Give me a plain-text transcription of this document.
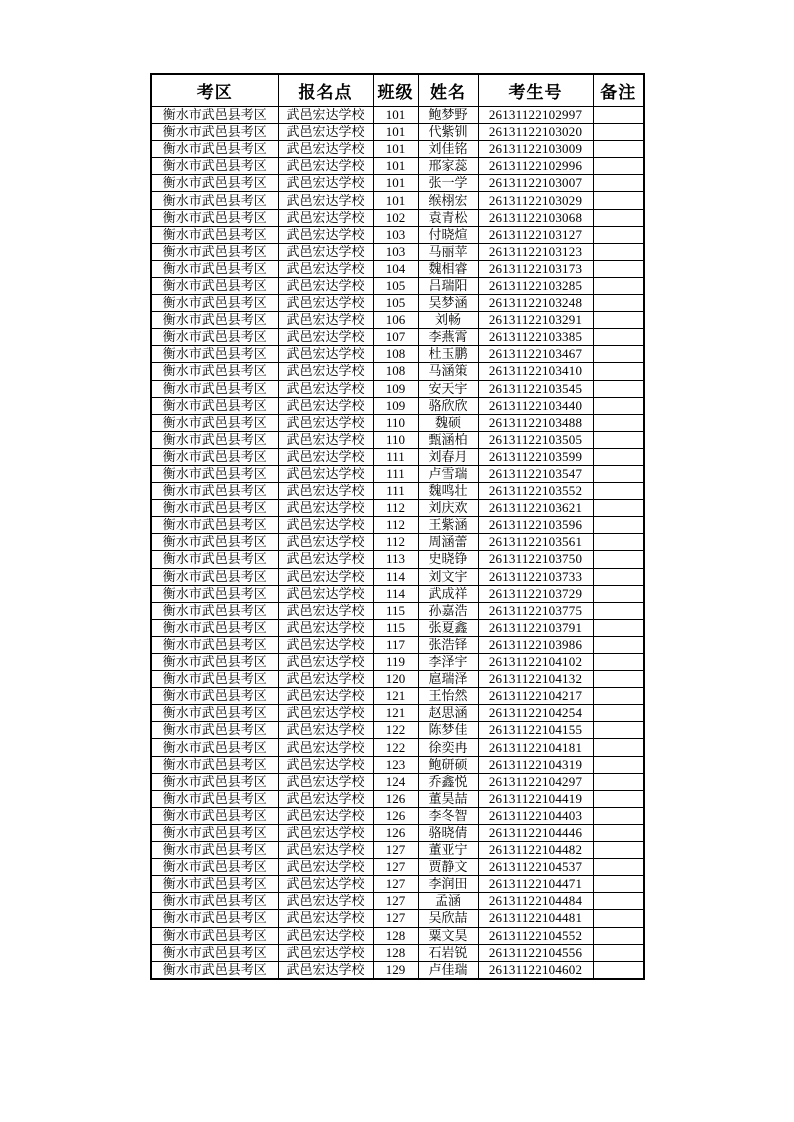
考区	报名点	班级	姓名	考生号	备注
衡水市武邑县考区	武邑宏达学校	101	鲍梦野	26131122102997	
衡水市武邑县考区	武邑宏达学校	101	代紫钏	26131122103020	
衡水市武邑县考区	武邑宏达学校	101	刘佳铭	26131122103009	
衡水市武邑县考区	武邑宏达学校	101	邢家蕊	26131122102996	
衡水市武邑县考区	武邑宏达学校	101	张一学	26131122103007	
衡水市武邑县考区	武邑宏达学校	101	缑栩宏	26131122103029	
衡水市武邑县考区	武邑宏达学校	102	袁青松	26131122103068	
衡水市武邑县考区	武邑宏达学校	103	付晓煊	26131122103127	
衡水市武邑县考区	武邑宏达学校	103	马丽苹	26131122103123	
衡水市武邑县考区	武邑宏达学校	104	魏相睿	26131122103173	
衡水市武邑县考区	武邑宏达学校	105	吕瑞阳	26131122103285	
衡水市武邑县考区	武邑宏达学校	105	吴梦涵	26131122103248	
衡水市武邑县考区	武邑宏达学校	106	刘畅	26131122103291	
衡水市武邑县考区	武邑宏达学校	107	李燕霄	26131122103385	
衡水市武邑县考区	武邑宏达学校	108	杜玉鹏	26131122103467	
衡水市武邑县考区	武邑宏达学校	108	马涵策	26131122103410	
衡水市武邑县考区	武邑宏达学校	109	安天宇	26131122103545	
衡水市武邑县考区	武邑宏达学校	109	骆欣欣	26131122103440	
衡水市武邑县考区	武邑宏达学校	110	魏硕	26131122103488	
衡水市武邑县考区	武邑宏达学校	110	甄涵柏	26131122103505	
衡水市武邑县考区	武邑宏达学校	111	刘春月	26131122103599	
衡水市武邑县考区	武邑宏达学校	111	卢雪瑞	26131122103547	
衡水市武邑县考区	武邑宏达学校	111	魏鸣壮	26131122103552	
衡水市武邑县考区	武邑宏达学校	112	刘庆欢	26131122103621	
衡水市武邑县考区	武邑宏达学校	112	王紫涵	26131122103596	
衡水市武邑县考区	武邑宏达学校	112	周涵蕾	26131122103561	
衡水市武邑县考区	武邑宏达学校	113	史晓铮	26131122103750	
衡水市武邑县考区	武邑宏达学校	114	刘文宇	26131122103733	
衡水市武邑县考区	武邑宏达学校	114	武成祥	26131122103729	
衡水市武邑县考区	武邑宏达学校	115	孙嘉浩	26131122103775	
衡水市武邑县考区	武邑宏达学校	115	张夏鑫	26131122103791	
衡水市武邑县考区	武邑宏达学校	117	张浩铎	26131122103986	
衡水市武邑县考区	武邑宏达学校	119	李泽宇	26131122104102	
衡水市武邑县考区	武邑宏达学校	120	扈瑞泽	26131122104132	
衡水市武邑县考区	武邑宏达学校	121	王怡然	26131122104217	
衡水市武邑县考区	武邑宏达学校	121	赵思涵	26131122104254	
衡水市武邑县考区	武邑宏达学校	122	陈梦佳	26131122104155	
衡水市武邑县考区	武邑宏达学校	122	徐奕冉	26131122104181	
衡水市武邑县考区	武邑宏达学校	123	鲍研硕	26131122104319	
衡水市武邑县考区	武邑宏达学校	124	乔鑫悦	26131122104297	
衡水市武邑县考区	武邑宏达学校	126	董昊喆	26131122104419	
衡水市武邑县考区	武邑宏达学校	126	李冬智	26131122104403	
衡水市武邑县考区	武邑宏达学校	126	骆晓倩	26131122104446	
衡水市武邑县考区	武邑宏达学校	127	董亚宁	26131122104482	
衡水市武邑县考区	武邑宏达学校	127	贾静文	26131122104537	
衡水市武邑县考区	武邑宏达学校	127	李润田	26131122104471	
衡水市武邑县考区	武邑宏达学校	127	孟涵	26131122104484	
衡水市武邑县考区	武邑宏达学校	127	吴欣喆	26131122104481	
衡水市武邑县考区	武邑宏达学校	128	粟文昊	26131122104552	
衡水市武邑县考区	武邑宏达学校	128	石岩锐	26131122104556	
衡水市武邑县考区	武邑宏达学校	129	卢佳瑞	26131122104602	
